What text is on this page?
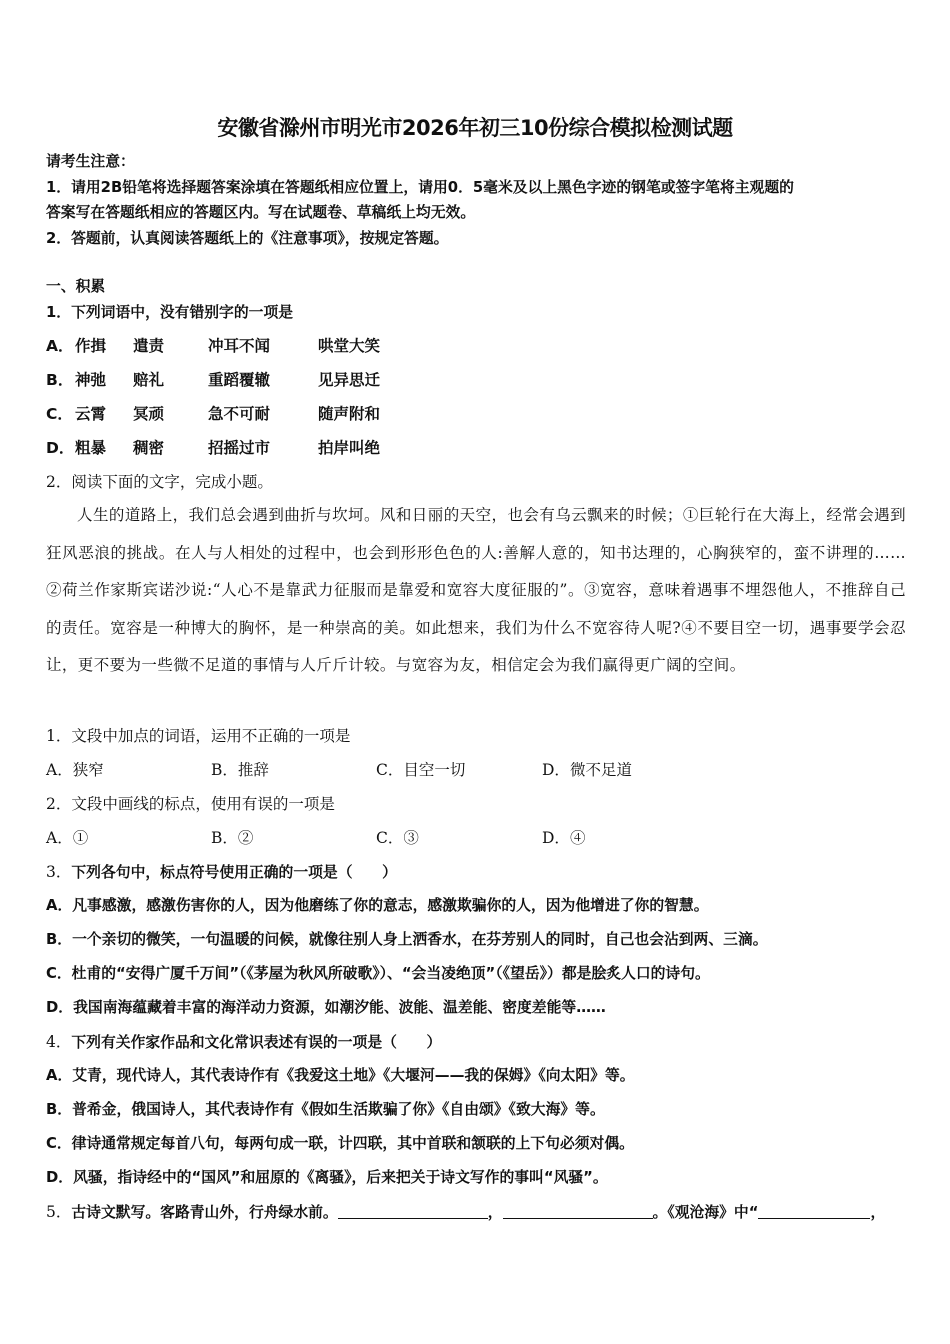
安徽省滁州市明光市2026年初三10份综合模拟检测试题
请考生注意：
1．请用2B铅笔将选择题答案涂填在答题纸相应位置上，请用0．5毫米及以上黑色字迹的钢笔或签字笔将主观题的
答案写在答题纸相应的答题区内。写在试题卷、草稿纸上均无效。
2．答题前，认真阅读答题纸上的《注意事项》，按规定答题。
一、积累
1．下列词语中，没有错别字的一项是
A． 作揖 遣责	冲耳不闻	哄堂大笑
B． 神弛 赔礼	重蹈覆辙	见异思迁
C． 云霄 冥顽	急不可耐	随声附和
D． 粗暴 稠密	招摇过市	拍岸叫绝
2．阅读下面的文字，完成小题。
人生的道路上，我们总会遇到曲折与坎坷。风和日丽的天空，也会有乌云飘来的时候；①巨轮行在大海上，经常会遇到狂风恶浪的挑战。在人与人相处的过程中，也会到形形色色的人:善解人意的，知书达理的，心胸狭窄的，蛮不讲理的……②荷兰作家斯宾诺沙说:“人心不是靠武力征服而是靠爱和宽容大度征服的”。③宽容，意味着遇事不埋怨他人，不推辞自己的责任。宽容是一种博大的胸怀，是一种崇高的美。如此想来，我们为什么不宽容待人呢?④不要目空一切，遇事要学会忍让，更不要为一些微不足道的事情与人斤斤计较。与宽容为友，相信定会为我们赢得更广阔的空间。
1．文段中加点的词语，运用不正确的一项是
A．狭窄	B．推辞	C．目空一切	D．微不足道
2．文段中画线的标点，使用有误的一项是
A．①	B．②	C．③	D．④
3．下列各句中，标点符号使用正确的一项是（　　）
A．凡事感激，感激伤害你的人，因为他磨练了你的意志，感激欺骗你的人，因为他增进了你的智慧。
B．一个亲切的微笑，一句温暖的问候，就像往别人身上洒香水，在芬芳别人的同时，自己也会沾到两、三滴。
C．杜甫的“安得广厦千万间”（《茅屋为秋风所破歌》）、“会当凌绝顶”（《望岳》）都是脍炙人口的诗句。
D．我国南海蕴藏着丰富的海洋动力资源，如潮汐能、波能、温差能、密度差能等……
4．下列有关作家作品和文化常识表述有误的一项是（　　）
A．艾青，现代诗人，其代表诗作有《我爱这土地》《大堰河——我的保姆》《向太阳》等。
B．普希金，俄国诗人，其代表诗作有《假如生活欺骗了你》《自由颂》《致大海》等。
C．律诗通常规定每首八句，每两句成一联，计四联，其中首联和颔联的上下句必须对偶。
D．风骚，指诗经中的“国风”和屈原的《离骚》，后来把关于诗文写作的事叫“风骚”。
5．古诗文默写。客路青山外，行舟绿水前。	，	。《观沧海》中“	，
